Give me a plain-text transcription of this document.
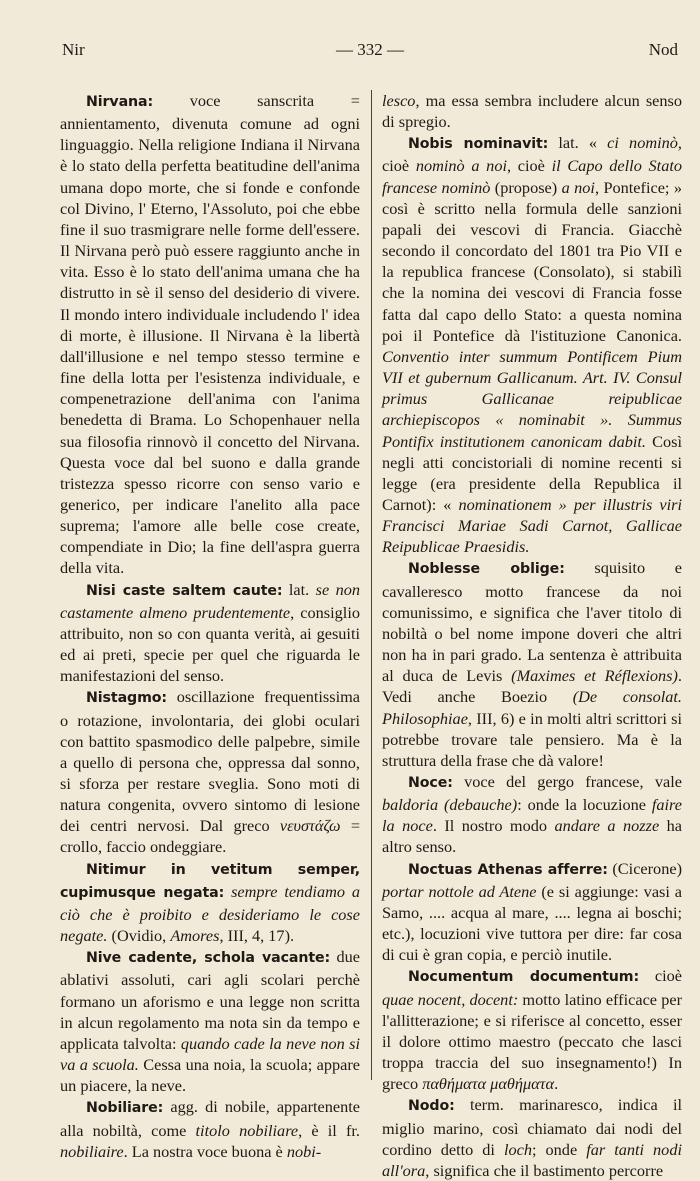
Nir	— 332 —	Nod

Nirvana: voce sanscrita = annientamento, divenuta comune ad ogni linguaggio. Nella religione Indiana il Nirvana è lo stato della perfetta beatitudine dell'anima umana dopo morte, che si fonde e confonde col Divino, l' Eterno, l'Assoluto, poi che ebbe fine il suo trasmigrare nelle forme dell'essere. Il Nirvana però può essere raggiunto anche in vita. Esso è lo stato dell'anima umana che ha distrutto in sè il senso del desiderio di vivere. Il mondo intero individuale includendo l' idea di morte, è illusione. Il Nirvana è la libertà dall'illusione e nel tempo stesso termine e fine della lotta per l'esistenza individuale, e compenetrazione dell'anima con l'anima benedetta di Brama. Lo Schopenhauer nella sua filosofia rinnovò il concetto del Nirvana. Questa voce dal bel suono e dalla grande tristezza spesso ricorre con senso vario e generico, per indicare l'anelito alla pace suprema; l'amore alle belle cose create, compendiate in Dio; la fine dell'aspra guerra della vita.

Nisi caste saltem caute: lat. se non castamente almeno prudentemente, consiglio attribuito, non so con quanta verità, ai gesuiti ed ai preti, specie per quel che riguarda le manifestazioni del senso.

Nistagmo: oscillazione frequentissima o rotazione, involontaria, dei globi oculari con battito spasmodico delle palpebre, simile a quello di persona che, oppressa dal sonno, si sforza per restare sveglia. Sono moti di natura congenita, ovvero sintomo di lesione dei centri nervosi. Dal greco νευστάζω = crollo, faccio ondeggiare.

Nitimur in vetitum semper, cupimusque negata: sempre tendiamo a ciò che è proibito e desideriamo le cose negate. (Ovidio, Amores, III, 4, 17).

Nive cadente, schola vacante: due ablativi assoluti, cari agli scolari perchè formano un aforismo e una legge non scritta in alcun regolamento ma nota sin da tempo e applicata talvolta: quando cade la neve non si va a scuola. Cessa una noia, la scuola; appare un piacere, la neve.

Nobiliare: agg. di nobile, appartenente alla nobiltà, come titolo nobiliare, è il fr. nobiliaire. La nostra voce buona è nobi-

lesco, ma essa sembra includere alcun senso di spregio.

Nobis nominavit: lat. « ci nominò, cioè nominò a noi, cioè il Capo dello Stato francese nominò (propose) a noi, Pontefice; » così è scritto nella formula delle sanzioni papali dei vescovi di Francia. Giacchè secondo il concordato del 1801 tra Pio VII e la republica francese (Consolato), si stabilì che la nomina dei vescovi di Francia fosse fatta dal capo dello Stato: a questa nomina poi il Pontefice dà l'istituzione Canonica. Conventio inter summum Pontificem Pium VII et gubernum Gallicanum. Art. IV. Consul primus Gallicanae reipublicae archiepiscopos « nominabit ». Summus Pontifix institutionem canonicam dabit. Così negli atti concistoriali di nomine recenti si legge (era presidente della Republica il Carnot): « nominationem » per illustris viri Francisci Mariae Sadi Carnot, Gallicae Reipublicae Praesidis.

Noblesse oblige: squisito e cavalleresco motto francese da noi comunissimo, e significa che l'aver titolo di nobiltà o bel nome impone doveri che altri non ha in pari grado. La sentenza è attribuita al duca de Levis (Maximes et Réflexions). Vedi anche Boezio (De consolat. Philosophiae, III, 6) e in molti altri scrittori si potrebbe trovare tale pensiero. Ma è la struttura della frase che dà valore!

Noce: voce del gergo francese, vale baldoria (debauche): onde la locuzione faire la noce. Il nostro modo andare a nozze ha altro senso.

Noctuas Athenas afferre: (Cicerone) portar nottole ad Atene (e si aggiunge: vasi a Samo, .... acqua al mare, .... legna ai boschi; etc.), locuzioni vive tuttora per dire: far cosa di cui è gran copia, e perciò inutile.

Nocumentum documentum: cioè quae nocent, docent: motto latino efficace per l'allitterazione; e si riferisce al concetto, esser il dolore ottimo maestro (peccato che lasci troppa traccia del suo insegnamento!) In greco παθήματα μαθήματα.

Nodo: term. marinaresco, indica il miglio marino, così chiamato dai nodi del cordino detto di loch; onde far tanti nodi all'ora, significa che il bastimento percorre
